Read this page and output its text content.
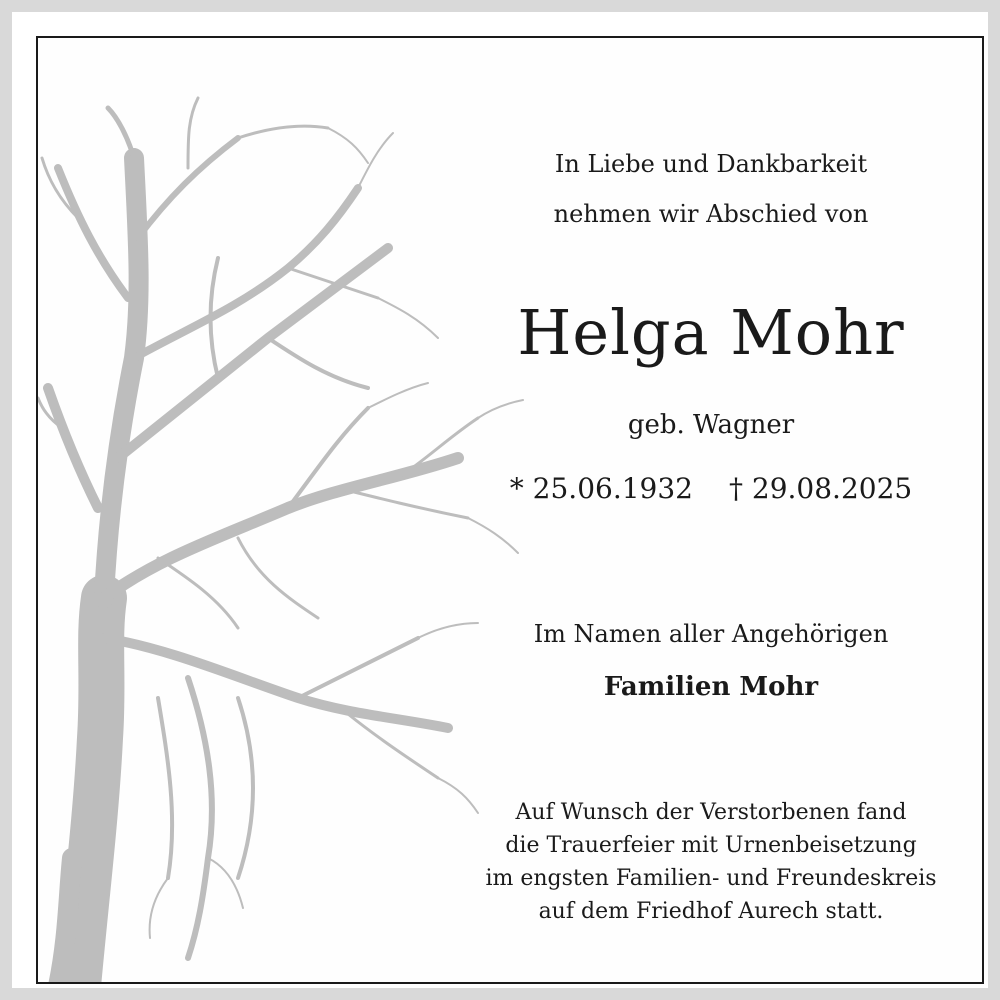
In Liebe und Dankbarkeit
nehmen wir Abschied von
Helga Mohr
geb. Wagner
* 25.06.1932 † 29.08.2025
Im Namen aller Angehörigen
Familien Mohr
Auf Wunsch der Verstorbenen fand
die Trauerfeier mit Urnenbeisetzung
im engsten Familien- und Freundeskreis
auf dem Friedhof Aurech statt.
